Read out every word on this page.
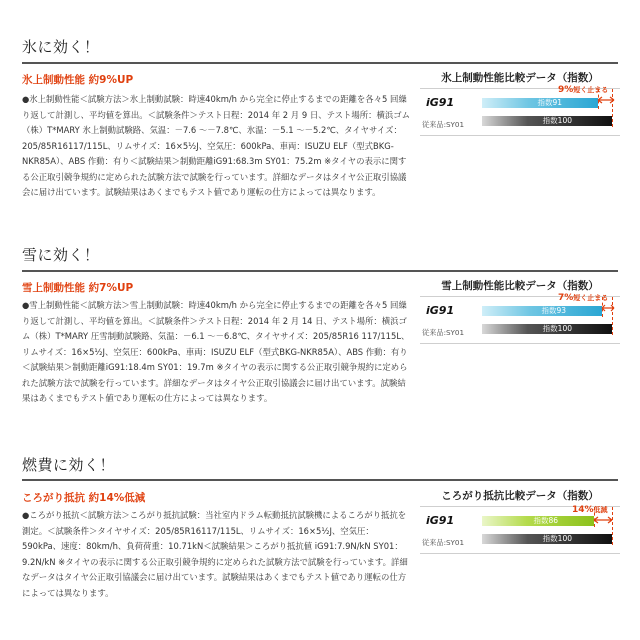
氷に効く！
氷上制動性能 約9%UP

●氷上制動性能＜試験方法＞氷上制動試験：時速40km/h から完全に停止するまでの距離を各々5 回繰り返して計測し、平均値を算出。＜試験条件＞テスト日程：2014 年 2 月 9 日、テスト場所：横浜ゴム（株）T*MARY 氷上制動試験路、気温：－7.6 ～－7.8℃、氷温：－5.1 ～－5.2℃、タイヤサイズ：205/85R16117/115L、リムサイズ：16×5½J、空気圧：600kPa、車両：ISUZU ELF（型式BKG-NKR85A）、ABS 作動：有り＜試験結果＞制動距離iG91:68.3m SY01：75.2m ※タイヤの表示に関する公正取引競争規約に定められた試験方法で試験を行っています。詳細なデータはタイヤ公正取引協議会に届け出ています。試験結果はあくまでもテスト値であり運転の仕方によっては異なります。

氷上制動性能比較データ（指数）
iG91
従来品:SY01
指数91
指数100
9%短く止まる
雪に効く！
雪上制動性能 約7%UP

●雪上制動性能＜試験方法＞雪上制動試験：時速40km/h から完全に停止するまでの距離を各々5 回繰り返して計測し、平均値を算出。＜試験条件＞テスト日程：2014 年 2 月 14 日、テスト場所：横浜ゴム（株）T*MARY 圧雪制動試験路、気温：－6.1 ～－6.8℃、タイヤサイズ：205/85R16 117/115L、リムサイズ：16×5½J、空気圧：600kPa、車両：ISUZU ELF（型式BKG-NKR85A）、ABS 作動：有り＜試験結果＞制動距離iG91:18.4m SY01：19.7m ※タイヤの表示に関する公正取引競争規約に定められた試験方法で試験を行っています。詳細なデータはタイヤ公正取引協議会に届け出ています。試験結果はあくまでもテスト値であり運転の仕方によっては異なります。

雪上制動性能比較データ（指数）
iG91
従来品:SY01
指数93
指数100
7%短く止まる
燃費に効く！
ころがり抵抗 約14%低減

●ころがり抵抗＜試験方法＞ころがり抵抗試験：当社室内ドラム転動抵抗試験機によるころがり抵抗を測定。＜試験条件＞タイヤサイズ：205/85R16117/115L、リムサイズ：16×5½J、空気圧：590kPa、速度：80km/h、負荷荷重：10.71kN＜試験結果＞ころがり抵抗値 iG91:7.9N/kN SY01：9.2N/kN ※タイヤの表示に関する公正取引競争規約に定められた試験方法で試験を行っています。詳細なデータはタイヤ公正取引協議会に届け出ています。試験結果はあくまでもテスト値であり運転の仕方によっては異なります。

ころがり抵抗比較データ（指数）
iG91
従来品:SY01
指数86
指数100
14%低減
